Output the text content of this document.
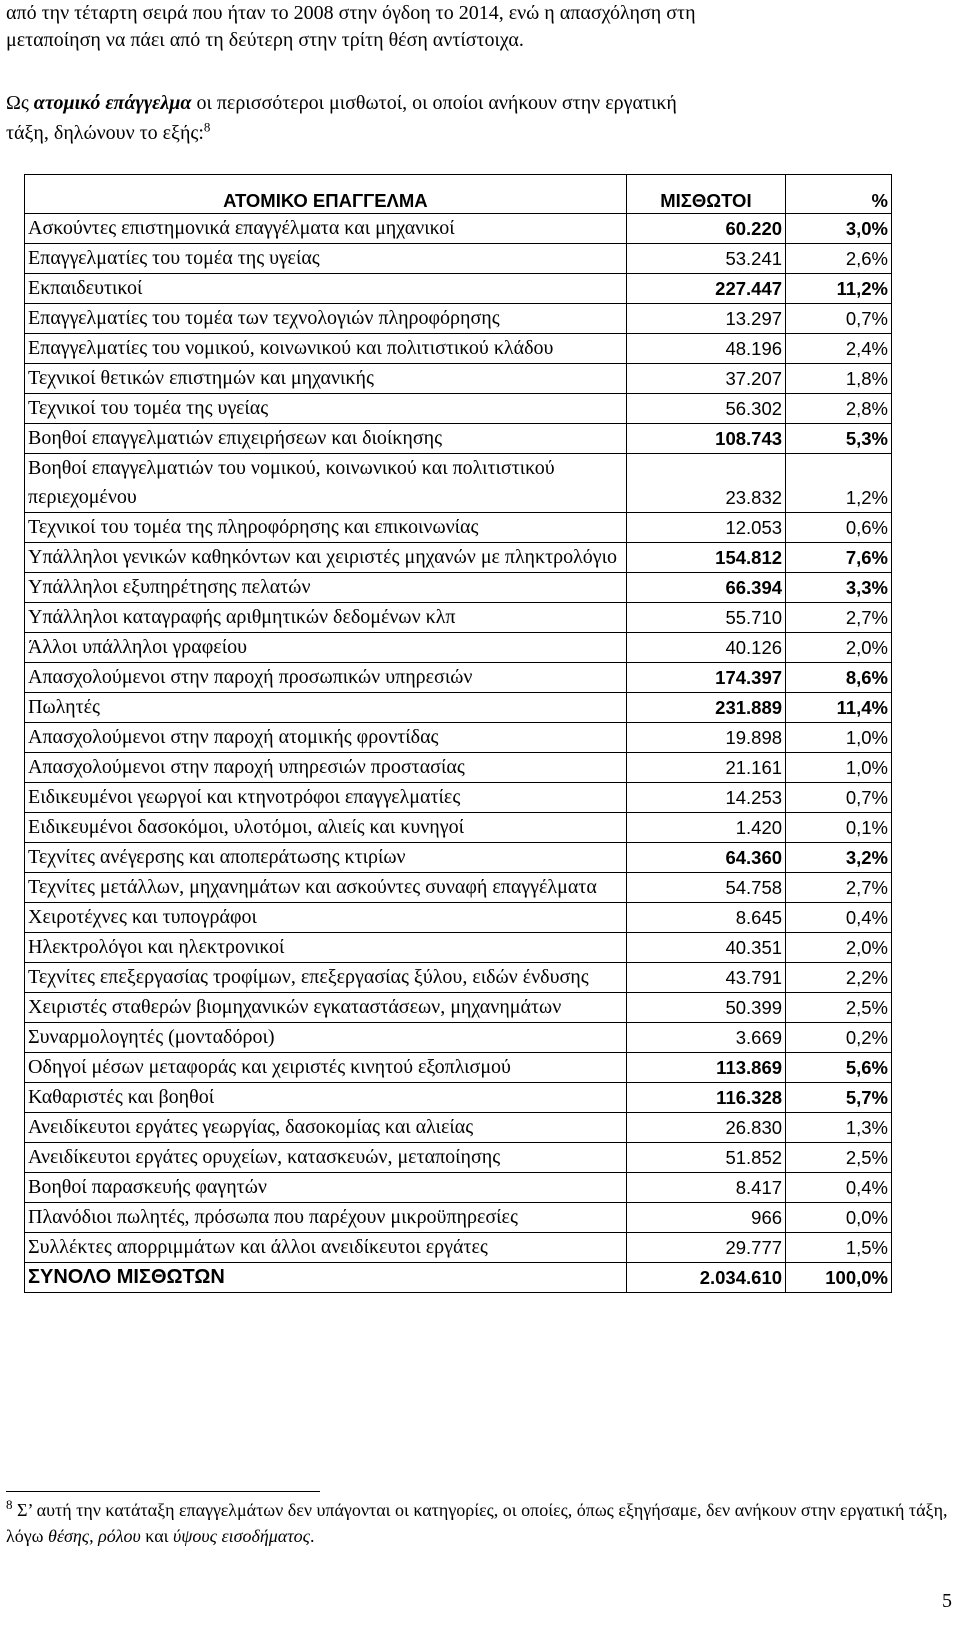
από την τέταρτη σειρά που ήταν το 2008 στην όγδοη το 2014, ενώ η απασχόληση στη
μεταποίηση να πάει από τη δεύτερη στην τρίτη θέση αντίστοιχα.
Ως ατομικό επάγγελμα οι περισσότεροι μισθωτοί, οι οποίοι ανήκουν στην εργατική
τάξη, δηλώνουν το εξής:$^8$
ΑΤΟΜΙΚΟ ΕΠΑΓΓΕΛΜΑ	ΜΙΣΘΩΤΟΙ	%
Ασκούντες επιστημονικά επαγγέλματα και μηχανικοί	60.220	3,0%
Επαγγελματίες του τομέα της υγείας	53.241	2,6%
Εκπαιδευτικοί	227.447	11,2%
Επαγγελματίες του τομέα των τεχνολογιών πληροφόρησης	13.297	0,7%
Επαγγελματίες του νομικού, κοινωνικού και πολιτιστικού κλάδου	48.196	2,4%
Τεχνικοί θετικών επιστημών και μηχανικής	37.207	1,8%
Τεχνικοί του τομέα της υγείας	56.302	2,8%
Βοηθοί επαγγελματιών επιχειρήσεων και διοίκησης	108.743	5,3%
Βοηθοί επαγγελματιών του νομικού, κοινωνικού και πολιτιστικού περιεχομένου	23.832	1,2%
Τεχνικοί του τομέα της πληροφόρησης και επικοινωνίας	12.053	0,6%
Υπάλληλοι γενικών καθηκόντων και χειριστές μηχανών με πληκτρολόγιο	154.812	7,6%
Υπάλληλοι εξυπηρέτησης πελατών	66.394	3,3%
Υπάλληλοι καταγραφής αριθμητικών δεδομένων κλπ	55.710	2,7%
Άλλοι υπάλληλοι γραφείου	40.126	2,0%
Απασχολούμενοι στην παροχή προσωπικών υπηρεσιών	174.397	8,6%
Πωλητές	231.889	11,4%
Απασχολούμενοι στην παροχή ατομικής φροντίδας	19.898	1,0%
Απασχολούμενοι στην παροχή υπηρεσιών προστασίας	21.161	1,0%
Ειδικευμένοι γεωργοί και κτηνοτρόφοι επαγγελματίες	14.253	0,7%
Ειδικευμένοι δασοκόμοι, υλοτόμοι, αλιείς και κυνηγοί	1.420	0,1%
Τεχνίτες ανέγερσης και αποπεράτωσης κτιρίων	64.360	3,2%
Τεχνίτες μετάλλων, μηχανημάτων και ασκούντες συναφή επαγγέλματα	54.758	2,7%
Χειροτέχνες και τυπογράφοι	8.645	0,4%
Ηλεκτρολόγοι και ηλεκτρονικοί	40.351	2,0%
Τεχνίτες επεξεργασίας τροφίμων, επεξεργασίας ξύλου, ειδών ένδυσης	43.791	2,2%
Χειριστές σταθερών βιομηχανικών εγκαταστάσεων, μηχανημάτων	50.399	2,5%
Συναρμολογητές (μονταδόροι)	3.669	0,2%
Οδηγοί μέσων μεταφοράς και χειριστές κινητού εξοπλισμού	113.869	5,6%
Καθαριστές και βοηθοί	116.328	5,7%
Ανειδίκευτοι εργάτες γεωργίας, δασοκομίας και αλιείας	26.830	1,3%
Ανειδίκευτοι εργάτες ορυχείων, κατασκευών, μεταποίησης	51.852	2,5%
Βοηθοί παρασκευής φαγητών	8.417	0,4%
Πλανόδιοι πωλητές, πρόσωπα που παρέχουν μικροϋπηρεσίες	966	0,0%
Συλλέκτες απορριμμάτων και άλλοι ανειδίκευτοι εργάτες	29.777	1,5%
ΣΥΝΟΛΟ ΜΙΣΘΩΤΩΝ	2.034.610	100,0%
$^8$ Σ’ αυτή την κατάταξη επαγγελμάτων δεν υπάγονται οι κατηγορίες, οι οποίες, όπως εξηγήσαμε, δεν ανήκουν στην εργατική τάξη, λόγω θέσης, ρόλου και ύψους εισοδήματος.
5
